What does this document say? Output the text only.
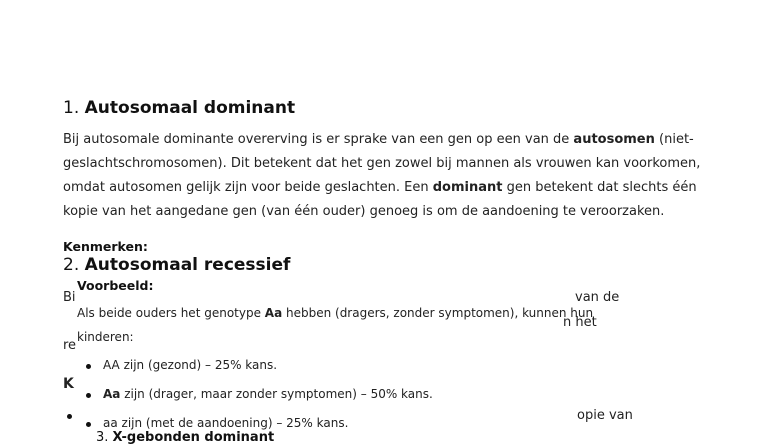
2. Autosomaal recessief
Bi
re
K
van de
n het
opie van
1. Autosomaal dominant
Bij autosomale dominante overerving is er sprake van een gen op een van de autosomen (niet-
geslachtschromosomen). Dit betekent dat het gen zowel bij mannen als vrouwen kan voorkomen,
omdat autosomen gelijk zijn voor beide geslachten. Een dominant gen betekent dat slechts één
kopie van het aangedane gen (van één ouder) genoeg is om de aandoening te veroorzaken.
Kenmerken:
Voorbeeld:
Als beide ouders het genotype Aa hebben (dragers, zonder symptomen), kunnen hun
kinderen:
AA zijn (gezond) – 25% kans.
Aa zijn (drager, maar zonder symptomen) – 50% kans.
aa zijn (met de aandoening) – 25% kans.
3. X-gebonden dominant
